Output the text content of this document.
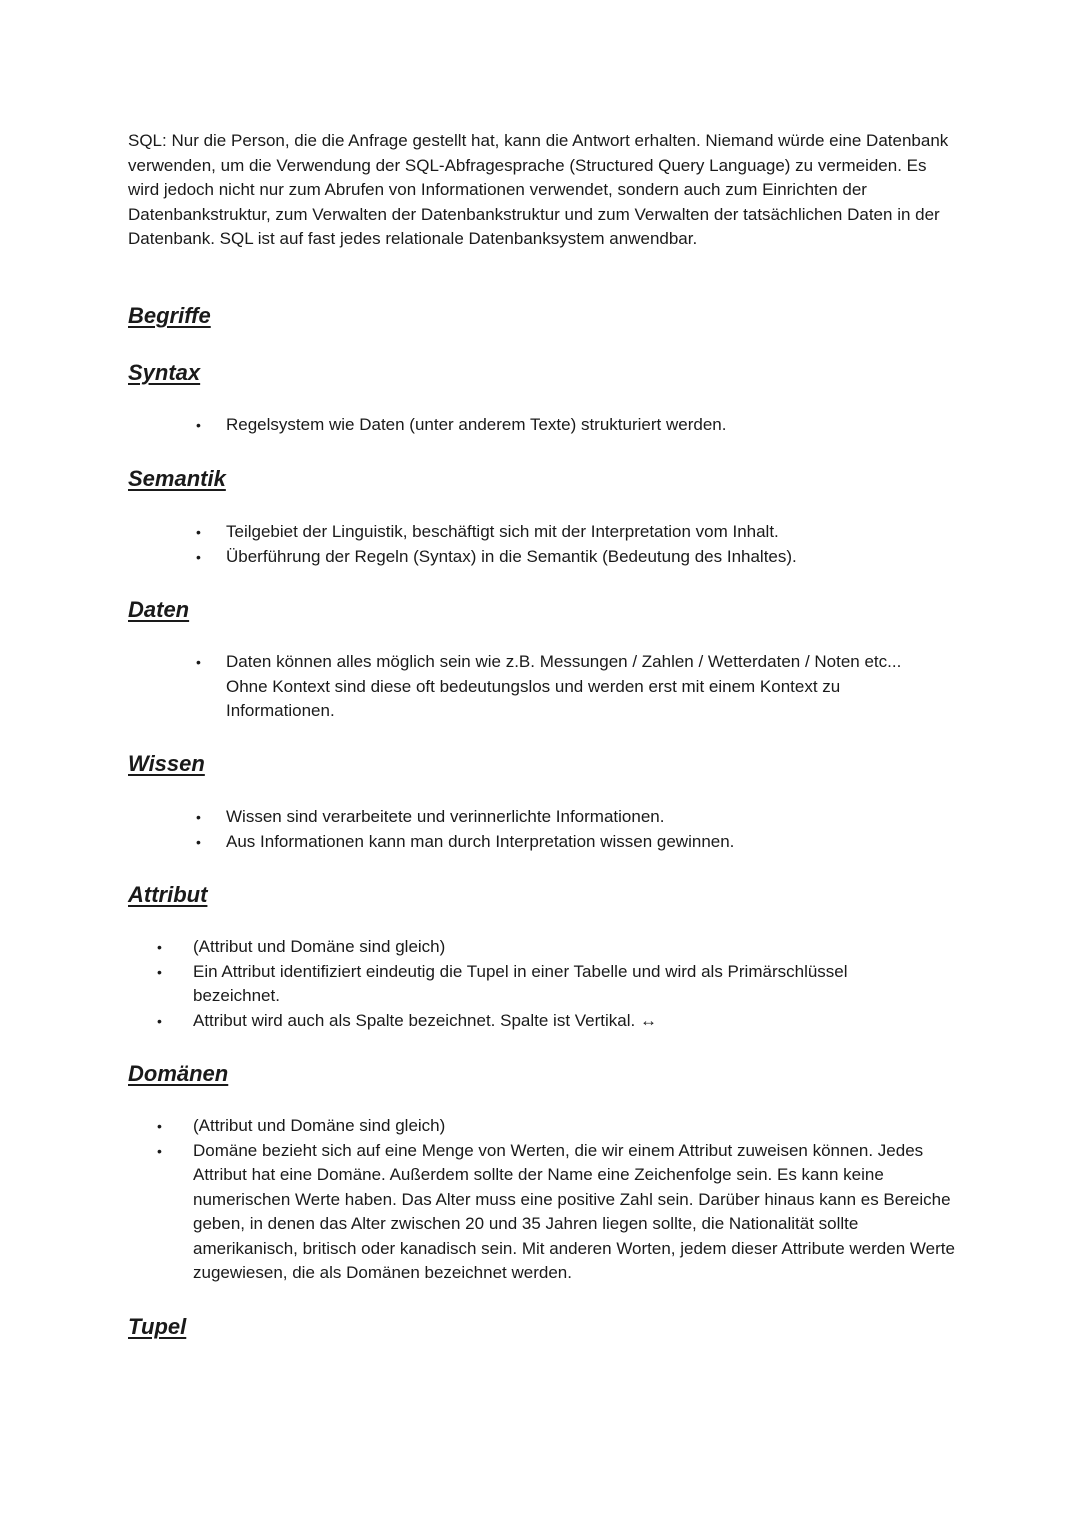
SQL: Nur die Person, die die Anfrage gestellt hat, kann die Antwort erhalten. Niemand würde eine Datenbank verwenden, um die Verwendung der SQL-Abfragesprache (Structured Query Language) zu vermeiden. Es wird jedoch nicht nur zum Abrufen von Informationen verwendet, sondern auch zum Einrichten der Datenbankstruktur, zum Verwalten der Datenbankstruktur und zum Verwalten der tatsächlichen Daten in der Datenbank. SQL ist auf fast jedes relationale Datenbanksystem anwendbar.

Begriffe
Syntax
• Regelsystem wie Daten (unter anderem Texte) strukturiert werden.
Semantik
• Teilgebiet der Linguistik, beschäftigt sich mit der Interpretation vom Inhalt.
• Überführung der Regeln (Syntax) in die Semantik (Bedeutung des Inhaltes).
Daten
• Daten können alles möglich sein wie z.B. Messungen / Zahlen / Wetterdaten / Noten etc... Ohne Kontext sind diese oft bedeutungslos und werden erst mit einem Kontext zu Informationen.
Wissen
• Wissen sind verarbeitete und verinnerlichte Informationen.
• Aus Informationen kann man durch Interpretation wissen gewinnen.
Attribut
• (Attribut und Domäne sind gleich)
• Ein Attribut identifiziert eindeutig die Tupel in einer Tabelle und wird als Primärschlüssel bezeichnet.
• Attribut wird auch als Spalte bezeichnet. Spalte ist Vertikal. ↔
Domänen
• (Attribut und Domäne sind gleich)
• Domäne bezieht sich auf eine Menge von Werten, die wir einem Attribut zuweisen können. Jedes Attribut hat eine Domäne. Außerdem sollte der Name eine Zeichenfolge sein. Es kann keine numerischen Werte haben. Das Alter muss eine positive Zahl sein. Darüber hinaus kann es Bereiche geben, in denen das Alter zwischen 20 und 35 Jahren liegen sollte, die Nationalität sollte amerikanisch, britisch oder kanadisch sein. Mit anderen Worten, jedem dieser Attribute werden Werte zugewiesen, die als Domänen bezeichnet werden.
Tupel
